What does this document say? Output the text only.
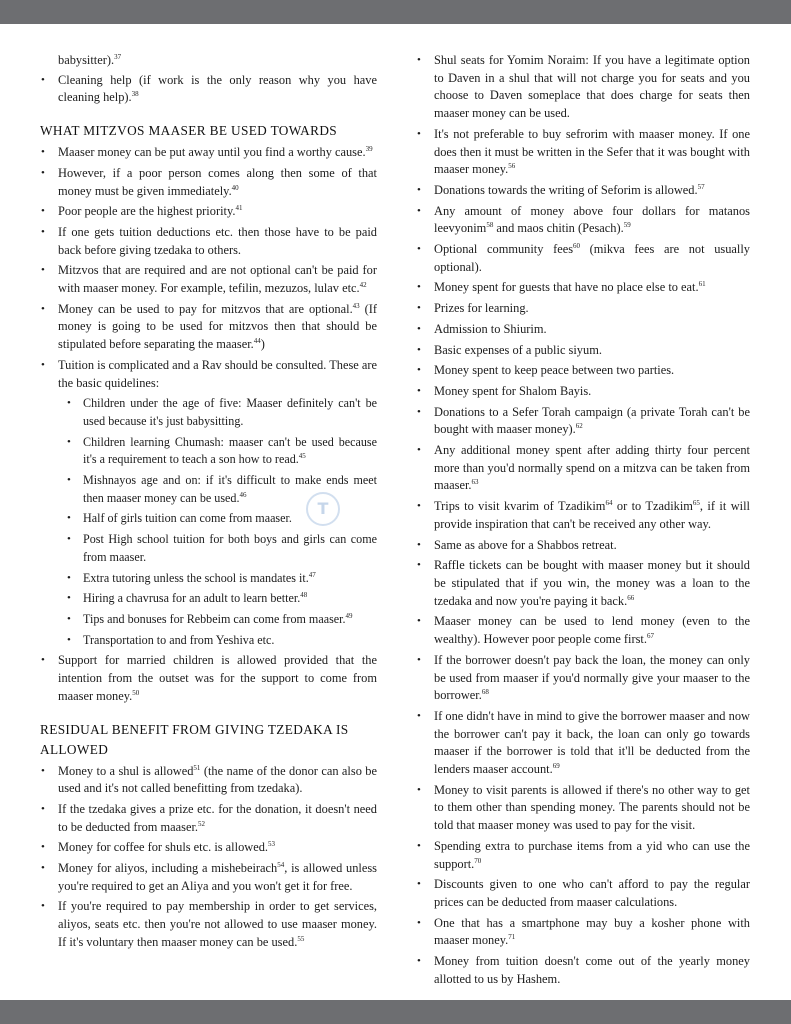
babysitter).$^{37}$

• Cleaning help (if work is the only reason why you have cleaning help).$^{38}$
WHAT MITZVOS MAASER BE USED TOWARDS
• Maaser money can be put away until you find a worthy cause.$^{39}$
• However, if a poor person comes along then some of that money must be given immediately.$^{40}$
• Poor people are the highest priority.$^{41}$
• If one gets tuition deductions etc. then those have to be paid back before giving tzedaka to others.
• Mitzvos that are required and are not optional can't be paid for with maaser money. For example, tefilin, mezuzos, lulav etc.$^{42}$
• Money can be used to pay for mitzvos that are optional.$^{43}$ (If money is going to be used for mitzvos then that should be stipulated before separating the maaser.$^{44}$)
• Tuition is complicated and a Rav should be consulted. These are the basic quidelines:
• Children under the age of five: Maaser definitely can't be used because it's just babysitting.
• Children learning Chumash: maaser can't be used because it's a requirement to teach a son how to read.$^{45}$
• Mishnayos age and on: if it's difficult to make ends meet then maaser money can be used.$^{46}$
• Half of girls tuition can come from maaser.
• Post High school tuition for both boys and girls can come from maaser.
• Extra tutoring unless the school is mandates it.$^{47}$
• Hiring a chavrusa for an adult to learn better.$^{48}$
• Tips and bonuses for Rebbeim can come from maaser.$^{49}$
• Transportation to and from Yeshiva etc.
• Support for married children is allowed provided that the intention from the outset was for the support to come from maaser money.$^{50}$
RESIDUAL BENEFIT FROM GIVING TZEDAKA IS ALLOWED
• Money to a shul is allowed$^{51}$ (the name of the donor can also be used and it's not called benefitting from tzedaka).
• If the tzedaka gives a prize etc. for the donation, it doesn't need to be deducted from maaser.$^{52}$
• Money for coffee for shuls etc. is allowed.$^{53}$
• Money for aliyos, including a mishebeirach$^{54}$, is allowed unless you're required to get an Aliya and you won't get it for free.
• If you're required to pay membership in order to get services, aliyos, seats etc. then you're not allowed to use maaser money. If it's voluntary then maaser money can be used.$^{55}$
• Shul seats for Yomim Noraim: If you have a legitimate option to Daven in a shul that will not charge you for seats and you choose to Daven someplace that does charge for seats then maaser money can be used.
• It's not preferable to buy sefrorim with maaser money. If one does then it must be written in the Sefer that it was bought with maaser money.$^{56}$
• Donations towards the writing of Seforim is allowed.$^{57}$
• Any amount of money above four dollars for matanos leevyonim$^{58}$ and maos chitin (Pesach).$^{59}$
• Optional community fees$^{60}$ (mikva fees are not usually optional).
• Money spent for guests that have no place else to eat.$^{61}$
• Prizes for learning.
• Admission to Shiurim.
• Basic expenses of a public siyum.
• Money spent to keep peace between two parties.
• Money spent for Shalom Bayis.
• Donations to a Sefer Torah campaign (a private Torah can't be bought with maaser money).$^{62}$
• Any additional money spent after adding thirty four percent more than you'd normally spend on a mitzva can be taken from maaser.$^{63}$
• Trips to visit kvarim of Tzadikim$^{64}$ or to Tzadikim$^{65}$, if it will provide inspiration that can't be received any other way.
• Same as above for a Shabbos retreat.
• Raffle tickets can be bought with maaser money but it should be stipulated that if you win, the money was a loan to the tzedaka and now you're paying it back.$^{66}$
• Maaser money can be used to lend money (even to the wealthy). However poor people come first.$^{67}$
• If the borrower doesn't pay back the loan, the money can only be used from maaser if you'd normally give your maaser to the borrower.$^{68}$
• If one didn't have in mind to give the borrower maaser and now the borrower can't pay it back, the loan can only go towards maaser if the borrower is told that it'll be deducted from the lenders maaser account.$^{69}$
• Money to visit parents is allowed if there's no other way to get to them other than spending money. The parents should not be told that maaser money was used to pay for the visit.
• Spending extra to purchase items from a yid who can use the support.$^{70}$
• Discounts given to one who can't afford to pay the regular prices can be deducted from maaser calculations.
• One that has a smartphone may buy a kosher phone with maaser money.$^{71}$
• Money from tuition doesn't come out of the yearly money allotted to us by Hashem.
T
